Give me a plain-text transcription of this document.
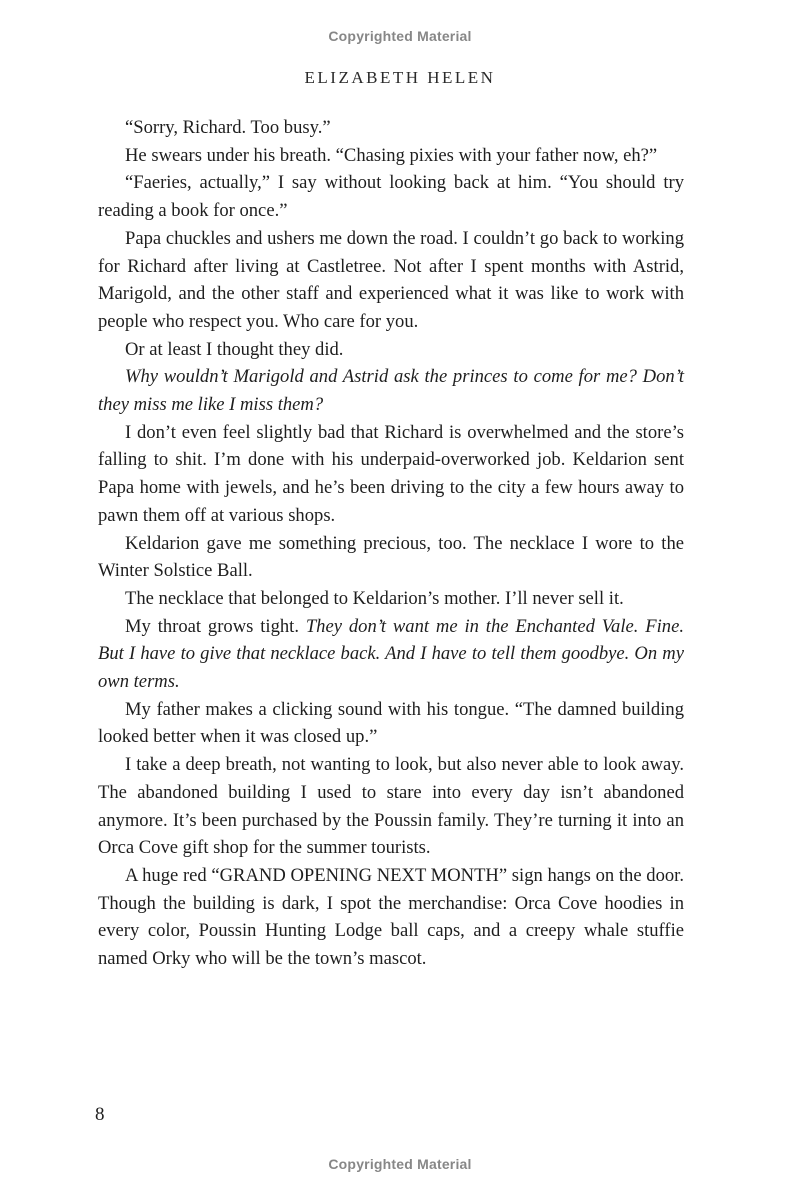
Copyrighted Material
ELIZABETH HELEN

“Sorry, Richard. Too busy.”

He swears under his breath. “Chasing pixies with your father now, eh?”

“Faeries, actually,” I say without looking back at him. “You should try reading a book for once.”

Papa chuckles and ushers me down the road. I couldn’t go back to working for Richard after living at Castletree. Not after I spent months with Astrid, Marigold, and the other staff and experienced what it was like to work with people who respect you. Who care for you.

Or at least I thought they did.

Why wouldn’t Marigold and Astrid ask the princes to come for me? Don’t they miss me like I miss them?

I don’t even feel slightly bad that Richard is overwhelmed and the store’s falling to shit. I’m done with his underpaid-overworked job. Keldarion sent Papa home with jewels, and he’s been driving to the city a few hours away to pawn them off at various shops.

Keldarion gave me something precious, too. The necklace I wore to the Winter Solstice Ball.

The necklace that belonged to Keldarion’s mother. I’ll never sell it.

My throat grows tight. They don’t want me in the Enchanted Vale. Fine. But I have to give that necklace back. And I have to tell them goodbye. On my own terms.

My father makes a clicking sound with his tongue. “The damned building looked better when it was closed up.”

I take a deep breath, not wanting to look, but also never able to look away. The abandoned building I used to stare into every day isn’t abandoned anymore. It’s been purchased by the Poussin family. They’re turning it into an Orca Cove gift shop for the summer tourists.

A huge red “GRAND OPENING NEXT MONTH” sign hangs on the door. Though the building is dark, I spot the merchandise: Orca Cove hoodies in every color, Poussin Hunting Lodge ball caps, and a creepy whale stuffie named Orky who will be the town’s mascot.

8
Copyrighted Material
